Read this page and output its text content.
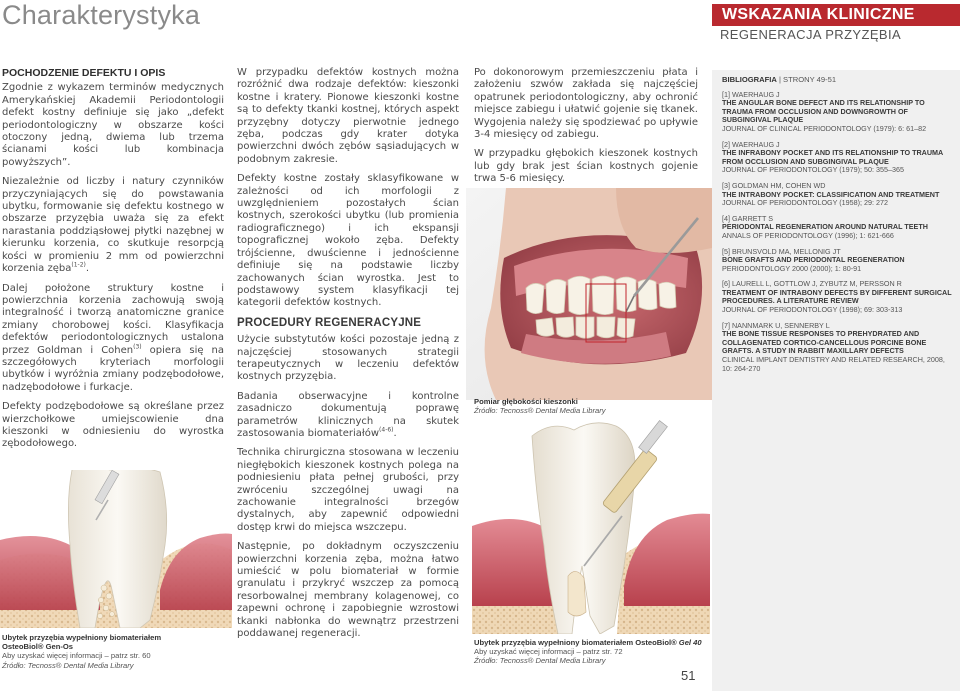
Charakterystyka	WSKAZANIA KLINICZNE
REGENERACJA PRZYZĘBIA
POCHODZENIE DEFEKTU I OPIS

Zgodnie z wykazem terminów medycznych Amerykańskiej Akademii Periodontologii defekt kostny definiuje się jako „defekt periodontologiczny w obszarze kości otoczony jedną, dwiema lub trzema ścianami kości lub kombinacja powyższych”.

Niezależnie od liczby i natury czynników przyczyniających się do powstawania ubytku, formowanie się defektu kostnego w obszarze przyzębia uważa się za efekt narastania poddziąsłowej płytki nazębnej w kierunku korzenia, co skutkuje resorpcją kości w promieniu 2 mm od powierzchni korzenia zęba$^{(1-2)}$.

Dalej położone struktury kostne i powierzchnia korzenia zachowują swoją integralność i tworzą anatomiczne granice zmiany chorobowej kości. Klasyfikacja defektów periodontologicznych ustalona przez Goldman i Cohen$^{(3)}$ opiera się na szczegółowych kryteriach morfologii ubytków i wyróżnia zmiany podzębodołowe, nadzębodołowe i furkacje.

Defekty podzębodołowe są określane przez wierzchołkowe umiejscowienie dna kieszonki w odniesieniu do wyrostka zębodołowego.

W przypadku defektów kostnych można rozróżnić dwa rodzaje defektów: kieszonki kostne i kratery. Pionowe kieszonki kostne są to defekty tkanki kostnej, których aspekt przyzębny dotyczy pierwotnie jednego zęba, podczas gdy krater dotyka powierzchni dwóch zębów sąsiadujących w podobnym zakresie.

Defekty kostne zostały sklasyfikowane w zależności od ich morfologii z uwzględnieniem pozostałych ścian kostnych, szerokości ubytku (lub promienia radiograficznego) i ich ekspansji topograficznej wokoło zęba. Defekty trójścienne, dwuścienne i jednościenne definiuje się na podstawie liczby zachowanych ścian wyrostka. Jest to podstawowy system klasyfikacji tej kategorii defektów kostnych.

PROCEDURY REGENERACYJNE

Użycie substytutów kości pozostaje jedną z najczęściej stosowanych strategii terapeutycznych w leczeniu defektów kostnych przyzębia.

Badania obserwacyjne i kontrolne zasadniczo dokumentują poprawę parametrów klinicznych na skutek zastosowania biomateriałów$^{(4-6)}$.

Technika chirurgiczna stosowana w leczeniu niegłębokich kieszonek kostnych polega na podniesieniu płata pełnej grubości, przy zwróceniu szczególnej uwagi na zachowanie integralności brzegów dystalnych, aby zapewnić odpowiedni dostęp krwi do miejsca wszczepu.

Następnie, po dokładnym oczyszczeniu powierzchni korzenia zęba, można łatwo umieścić w polu biomateriał w formie granulatu i przykryć wszczep za pomocą resorbowalnej membrany kolagenowej, co zapewni ochronę i zapobiegnie wzrostowi tkanki nabłonka do wewnątrz przestrzeni poddawanej regeneracji.

Po dokonorowym przemieszczeniu płata i założeniu szwów zakłada się najczęściej opatrunek periodontologiczny, aby ochronić miejsce zabiegu i ułatwić gojenie się tkanek. Wygojenia należy się spodziewać po upływie 3-4 miesięcy od zabiegu.

W przypadku głębokich kieszonek kostnych lub gdy brak jest ścian kostnych gojenie trwa 5-6 miesięcy.

Pomiar głębokości kieszonki
Źródło: Tecnoss® Dental Media Library
Ubytek przyzębia wypełniony biomateriałem
OsteoBiol® Gen-Os
Aby uzyskać więcej informacji – patrz str. 60
Źródło: Tecnoss® Dental Media Library
Ubytek przyzębia wypełniony biomateriałem OsteoBiol® Gel 40
Aby uzyskać więcej informacji – patrz str. 72
Źródło: Tecnoss® Dental Media Library
51
BIBLIOGRAFIA | STRONY 49-51
[1] WAERHAUG J
THE ANGULAR BONE DEFECT AND ITS RELATIONSHIP TO TRAUMA FROM OCCLUSION AND DOWNGROWTH OF SUBGINGIVAL PLAQUE
JOURNAL OF CLINICAL PERIODONTOLOGY (1979): 6: 61–82
[2] WAERHAUG J
THE INFRABONY POCKET AND ITS RELATIONSHIP TO TRAUMA FROM OCCLUSION AND SUBGINGIVAL PLAQUE
JOURNAL OF PERIODONTOLOGY (1979); 50: 355–365
[3] GOLDMAN HM, COHEN WD
THE INTRABONY POCKET: CLASSIFICATION AND TREATMENT
JOURNAL OF PERIODONTOLOGY (1958); 29: 272
[4] GARRETT S
PERIODONTAL REGENERATION AROUND NATURAL TEETH
ANNALS OF PERIODONTOLOGY (1996); 1: 621-666
[5] BRUNSVOLD MA, MELLONIG JT
BONE GRAFTS AND PERIODONTAL REGENERATION
PERIODONTOLOGY 2000 (2000); 1: 80-91
[6] LAURELL L, GOTTLOW J, ZYBUTZ M, PERSSON R
TREATMENT OF INTRABONY DEFECTS BY DIFFERENT SURGICAL PROCEDURES. A LITERATURE REVIEW
JOURNAL OF PERIODONTOLOGY (1998); 69: 303-313
[7] NANNMARK U, SENNERBY L
THE BONE TISSUE RESPONSES TO PREHYDRATED AND COLLAGENATED CORTICO-CANCELLOUS PORCINE BONE GRAFTS. A STUDY IN RABBIT MAXILLARY DEFECTS
CLINICAL IMPLANT DENTISTRY AND RELATED RESEARCH, 2008, 10: 264-270
